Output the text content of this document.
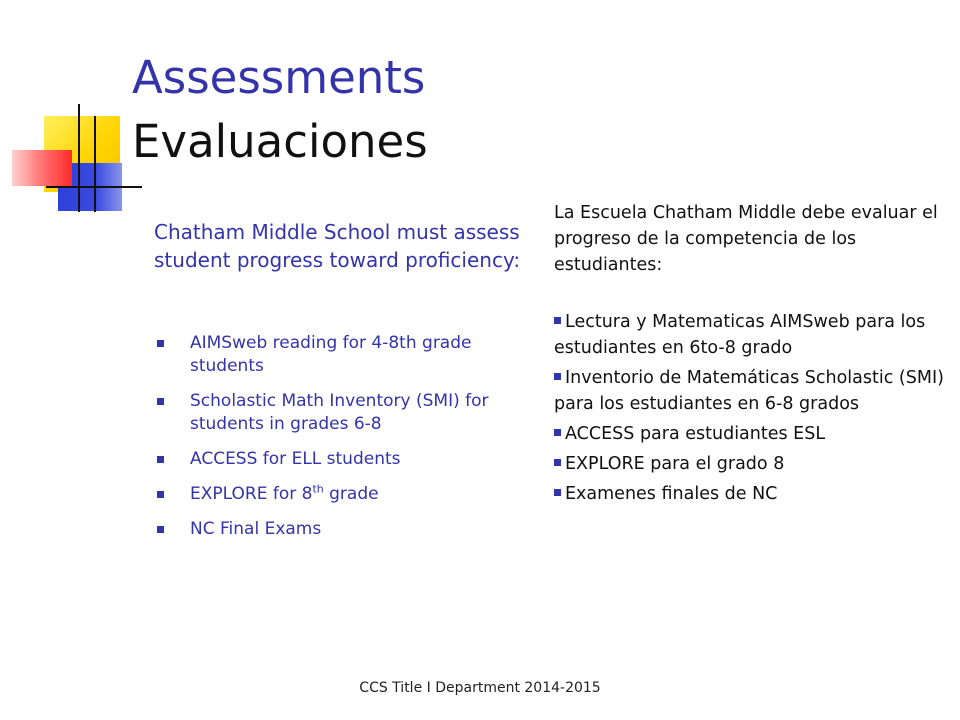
Assessments
Evaluaciones

Chatham Middle School must assess student progress toward proficiency:

AIMSweb reading for 4-8th grade students
Scholastic Math Inventory (SMI) for students in grades 6-8
ACCESS for ELL students
EXPLORE for 8th grade
NC Final Exams

La Escuela Chatham Middle debe evaluar el progreso de la competencia de los estudiantes:

Lectura y Matematicas AIMSweb para los estudiantes en 6to-8 grado
Inventorio de Matemáticas Scholastic (SMI) para los estudiantes en 6-8 grados
ACCESS para estudiantes ESL
EXPLORE para el grado 8
Examenes finales de NC
CCS Title I Department 2014-2015
